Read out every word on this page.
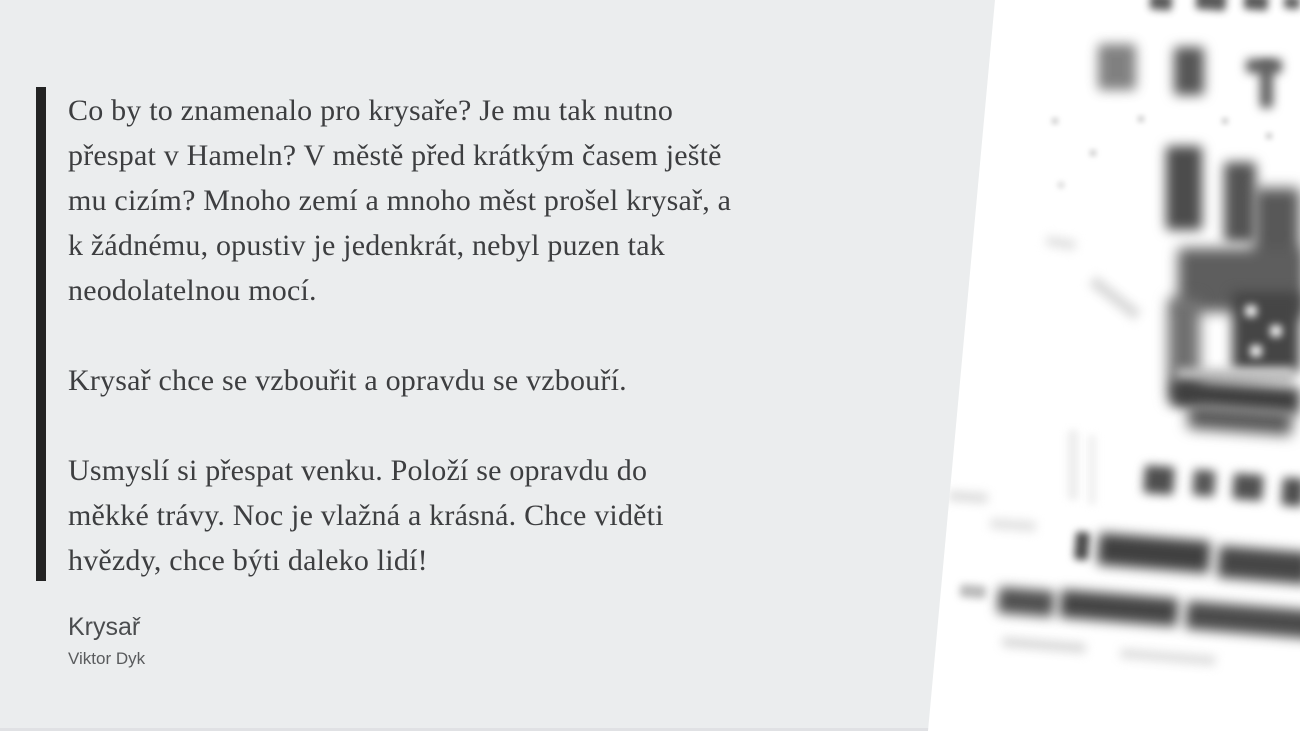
Co by to znamenalo pro krysaře? Je mu tak nutno
přespat v Hameln? V městě před krátkým časem ještě
mu cizím? Mnoho zemí a mnoho měst prošel krysař, a
k žádnému, opustiv je jedenkrát, nebyl puzen tak
neodolatelnou mocí.
Krysař chce se vzbouřit a opravdu se vzbouří.
Usmyslí si přespat venku. Položí se opravdu do
měkké trávy. Noc je vlažná a krásná. Chce viděti
hvězdy, chce býti daleko lidí!
Krysař
Viktor Dyk
